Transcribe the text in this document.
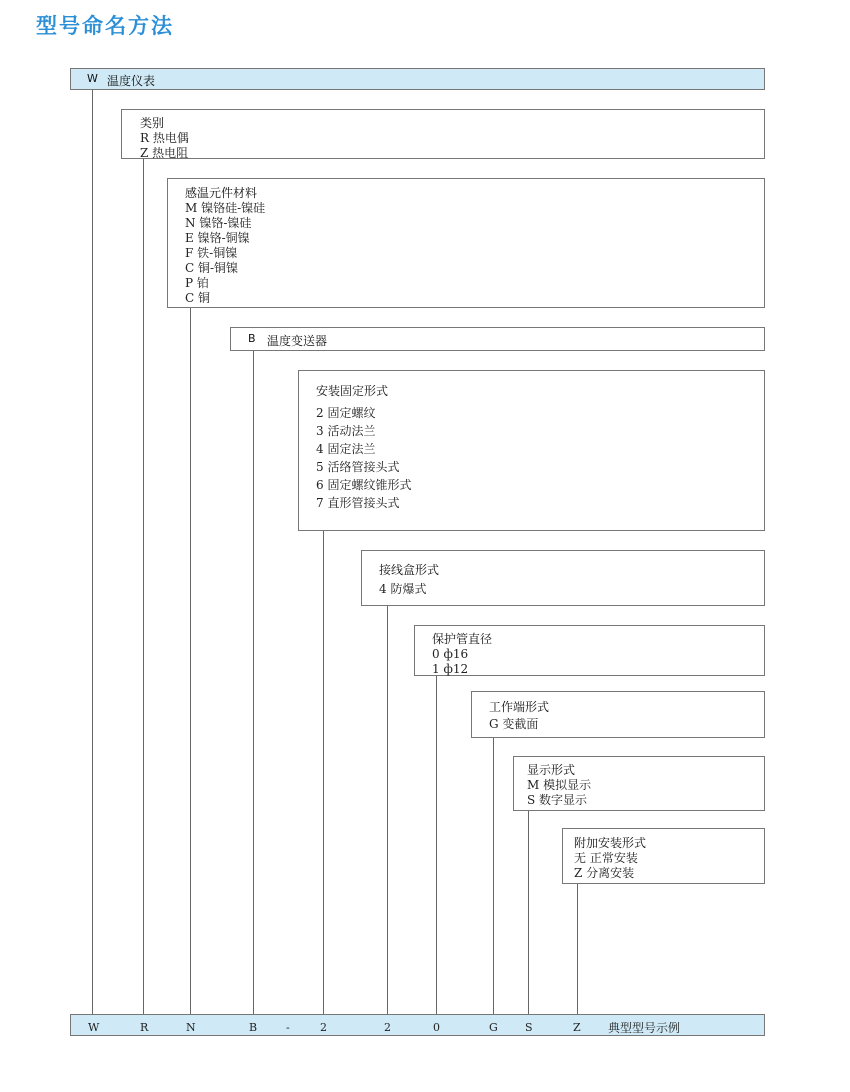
型号命名方法
W 温度仪表
类别
R 热电偶
Z 热电阻
感温元件材料
M 镍铬硅-镍硅
N 镍铬-镍硅
E 镍铬-铜镍
F 铁-铜镍
C 铜-铜镍
P 铂
C 铜
B 温度变送器
安装固定形式
2 固定螺纹
3 活动法兰
4 固定法兰
5 活络管接头式
6 固定螺纹锥形式
7 直形管接头式
接线盒形式
4 防爆式
保护管直径
0 ф16
1 ф12
工作端形式
G 变截面
显示形式
M 模拟显示
S 数字显示
附加安装形式
无 正常安装
Z 分离安装
W	R	N	B	-	2	2	0	G S	Z 典型型号示例
